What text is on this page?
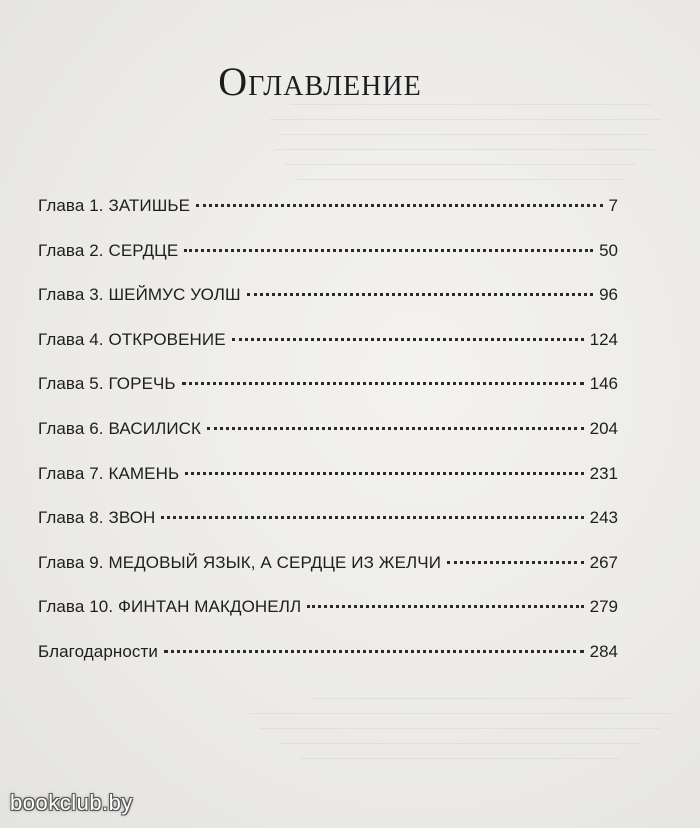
Оглавление
Глава 1. ЗАТИШЬЕ	7
Глава 2. СЕРДЦЕ	50
Глава 3. ШЕЙМУС УОЛШ	96
Глава 4. ОТКРОВЕНИЕ	124
Глава 5. ГОРЕЧЬ	146
Глава 6. ВАСИЛИСК	204
Глава 7. КАМЕНЬ	231
Глава 8. ЗВОН	243
Глава 9. МЕДОВЫЙ ЯЗЫК, А СЕРДЦЕ ИЗ ЖЕЛЧИ	267
Глава 10. ФИНТАН МАКДОНЕЛЛ	279
Благодарности	284
bookclub.by
